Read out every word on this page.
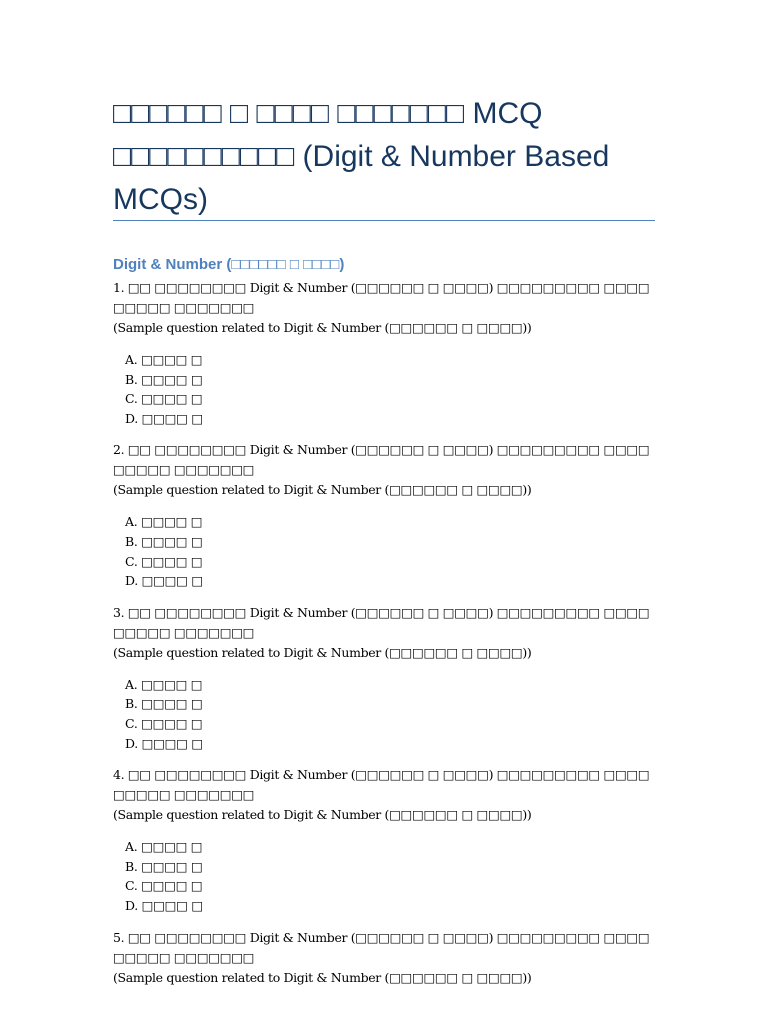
□□□□□□ □ □□□□ □□□□□□□ MCQ □□□□□□□□□□ (Digit & Number Based MCQs)
Digit & Number (□□□□□□ □ □□□□)

1. □□ □□□□□□□□ Digit & Number (□□□□□□ □ □□□□) □□□□□□□□□ □□□□ □□□□□ □□□□□□□

(Sample question related to Digit & Number (□□□□□□ □ □□□□))

A. □□□□ □
B. □□□□ □
C. □□□□ □
D. □□□□ □

2. □□ □□□□□□□□ Digit & Number (□□□□□□ □ □□□□) □□□□□□□□□ □□□□ □□□□□ □□□□□□□

(Sample question related to Digit & Number (□□□□□□ □ □□□□))

A. □□□□ □
B. □□□□ □
C. □□□□ □
D. □□□□ □

3. □□ □□□□□□□□ Digit & Number (□□□□□□ □ □□□□) □□□□□□□□□ □□□□ □□□□□ □□□□□□□

(Sample question related to Digit & Number (□□□□□□ □ □□□□))

A. □□□□ □
B. □□□□ □
C. □□□□ □
D. □□□□ □

4. □□ □□□□□□□□ Digit & Number (□□□□□□ □ □□□□) □□□□□□□□□ □□□□ □□□□□ □□□□□□□

(Sample question related to Digit & Number (□□□□□□ □ □□□□))

A. □□□□ □
B. □□□□ □
C. □□□□ □
D. □□□□ □

5. □□ □□□□□□□□ Digit & Number (□□□□□□ □ □□□□) □□□□□□□□□ □□□□ □□□□□ □□□□□□□

(Sample question related to Digit & Number (□□□□□□ □ □□□□))
